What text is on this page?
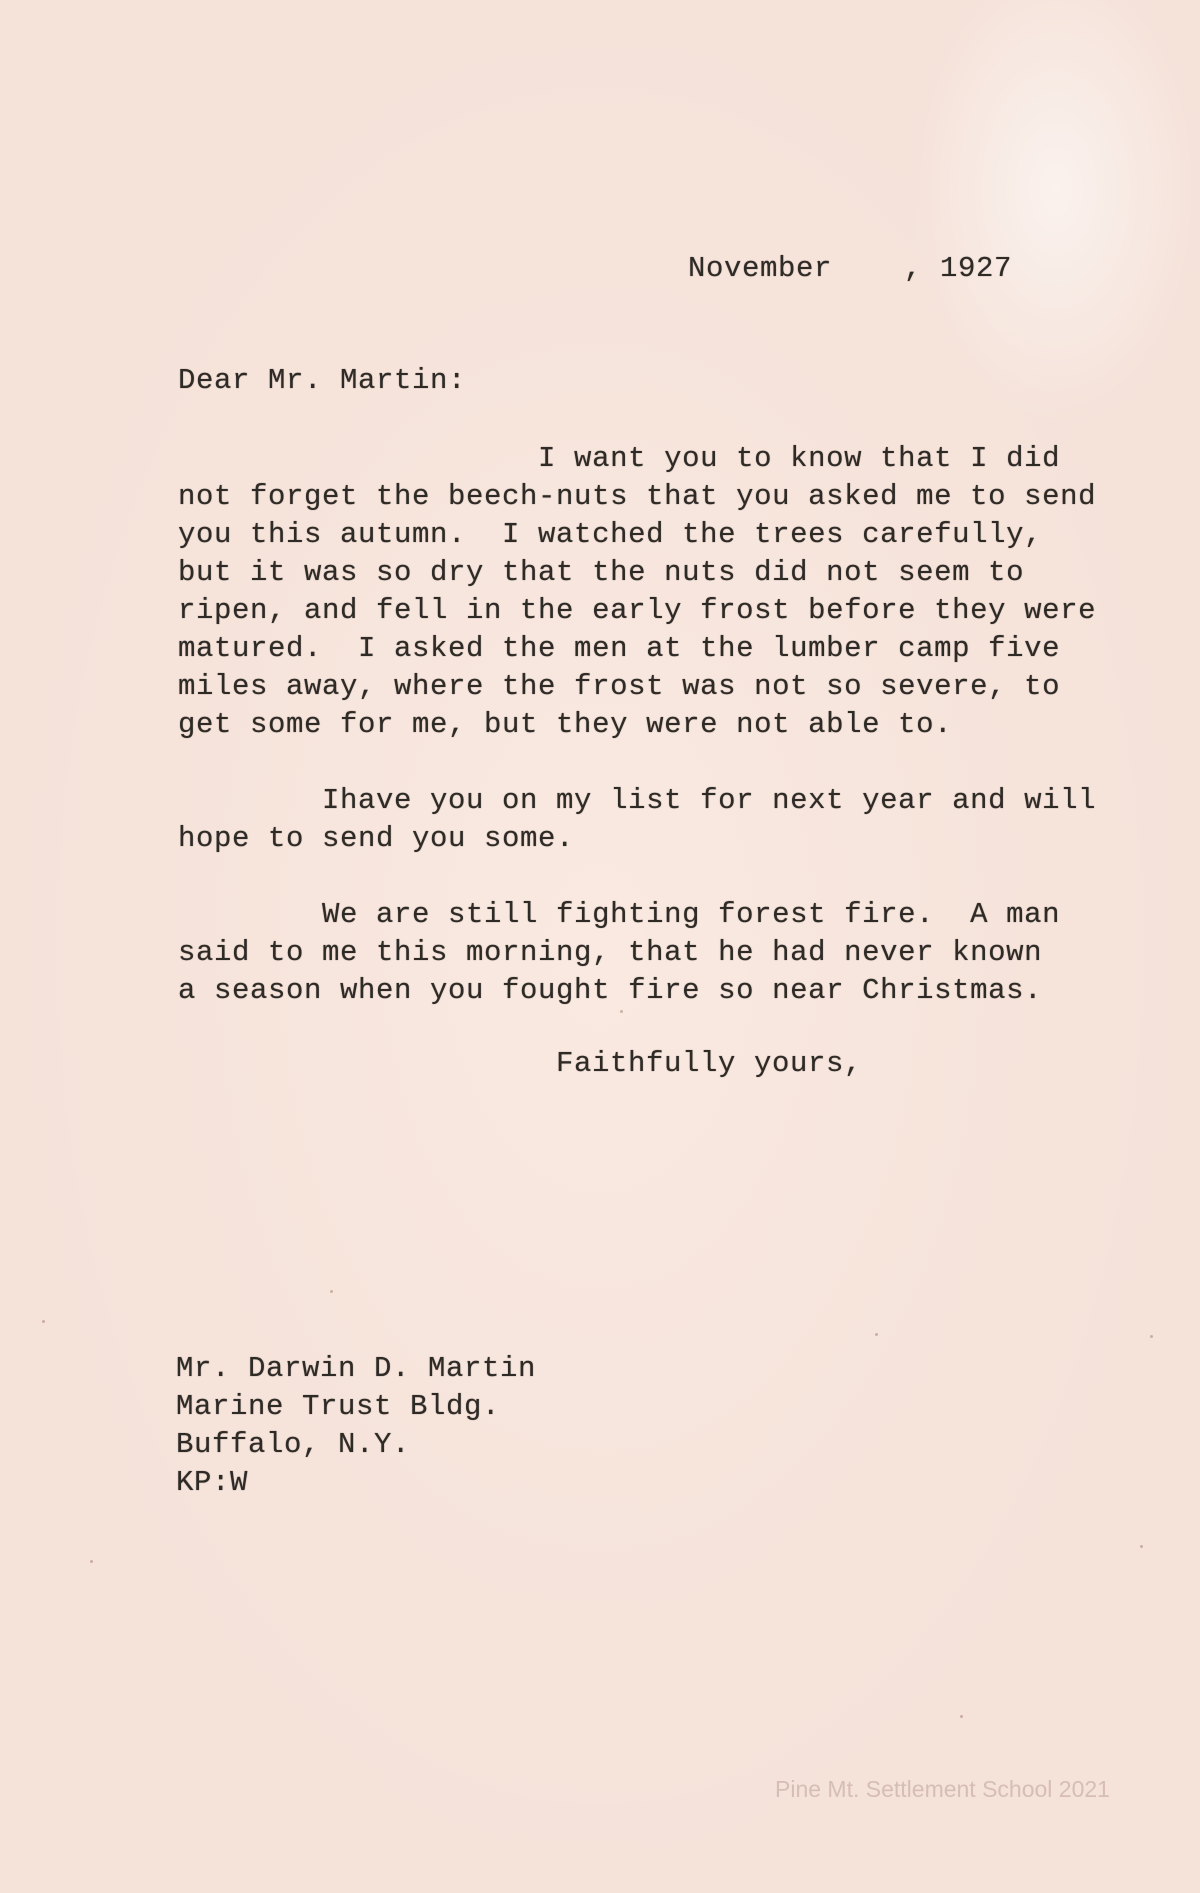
November    , 1927
Dear Mr. Martin:
I want you to know that I did
not forget the beech-nuts that you asked me to send
you this autumn.  I watched the trees carefully,
but it was so dry that the nuts did not seem to
ripen, and fell in the early frost before they were
matured.  I asked the men at the lumber camp five
miles away, where the frost was not so severe, to
get some for me, but they were not able to.
Ihave you on my list for next year and will
hope to send you some.
We are still fighting forest fire.  A man
said to me this morning, that he had never known
a season when you fought fire so near Christmas.
Faithfully yours,
Mr. Darwin D. Martin
Marine Trust Bldg.
Buffalo, N.Y.
KP:W
Pine Mt. Settlement School 2021
